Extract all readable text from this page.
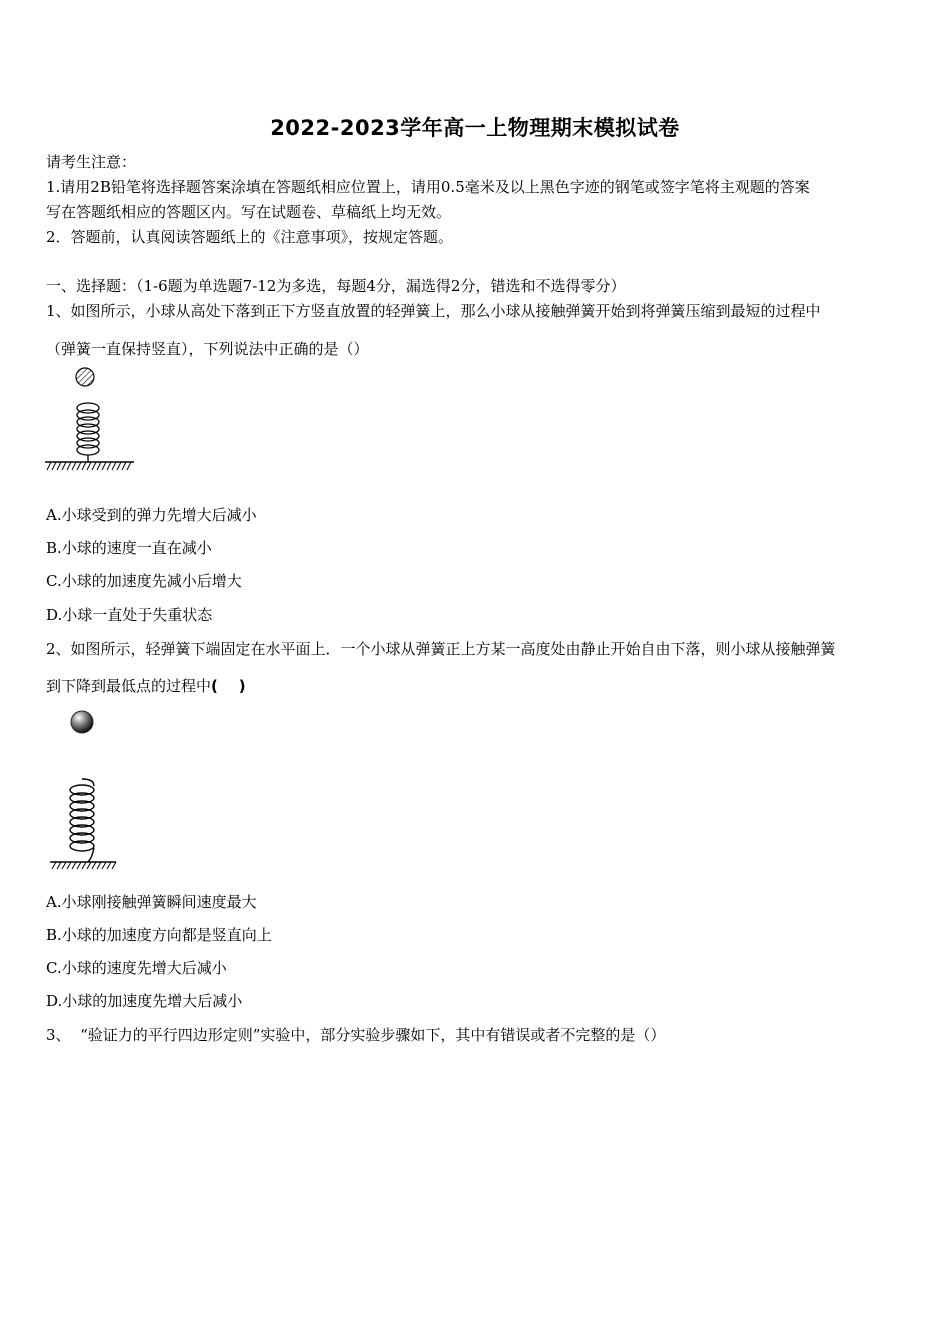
2022-2023学年高一上物理期末模拟试卷
请考生注意：
1.请用2B铅笔将选择题答案涂填在答题纸相应位置上，请用0.5毫米及以上黑色字迹的钢笔或签字笔将主观题的答案
写在答题纸相应的答题区内。写在试题卷、草稿纸上均无效。
2．答题前，认真阅读答题纸上的《注意事项》，按规定答题。
一、选择题：（1-6题为单选题7-12为多选，每题4分，漏选得2分，错选和不选得零分）
1、如图所示，小球从高处下落到正下方竖直放置的轻弹簧上，那么小球从接触弹簧开始到将弹簧压缩到最短的过程中
（弹簧一直保持竖直），下列说法中正确的是（）
A.小球受到的弹力先增大后减小
B.小球的速度一直在减小
C.小球的加速度先减小后增大
D.小球一直处于失重状态
2、如图所示，轻弹簧下端固定在水平面上．一个小球从弹簧正上方某一高度处由静止开始自由下落，则小球从接触弹簧
到下降到最低点的过程中(    )
A.小球刚接触弹簧瞬间速度最大
B.小球的加速度方向都是竖直向上
C.小球的速度先增大后减小
D.小球的加速度先增大后减小
3、  “验证力的平行四边形定则”实验中，部分实验步骤如下，其中有错误或者不完整的是（）
